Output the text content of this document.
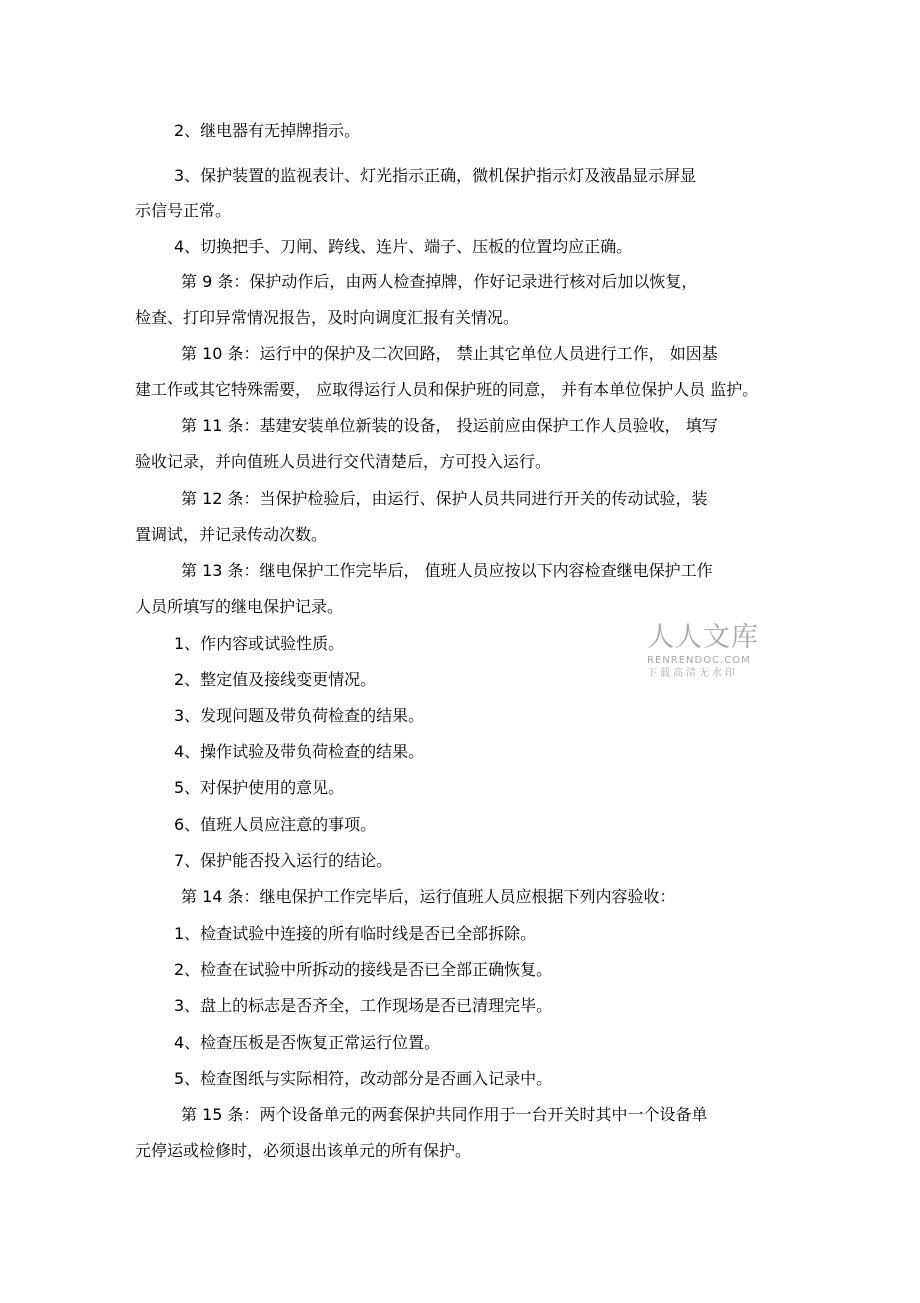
2、继电器有无掉牌指示。
3、保护装置的监视表计、灯光指示正确，微机保护指示灯及液晶显示屏显
示信号正常。
4、切换把手、刀闸、跨线、连片、端子、压板的位置均应正确。
第 9 条：保护动作后，由两人检查掉牌，作好记录进行核对后加以恢复，
检查、打印异常情况报告，及时向调度汇报有关情况。
第 10 条：运行中的保护及二次回路， 禁止其它单位人员进行工作， 如因基
建工作或其它特殊需要， 应取得运行人员和保护班的同意， 并有本单位保护人员 监护。
第 11 条：基建安装单位新装的设备， 投运前应由保护工作人员验收， 填写
验收记录，并向值班人员进行交代清楚后，方可投入运行。
第 12 条：当保护检验后，由运行、保护人员共同进行开关的传动试验，装
置调试，并记录传动次数。
第 13 条：继电保护工作完毕后， 值班人员应按以下内容检查继电保护工作
人员所填写的继电保护记录。
1、作内容或试验性质。
2、整定值及接线变更情况。
3、发现问题及带负荷检查的结果。
4、操作试验及带负荷检查的结果。
5、对保护使用的意见。
6、值班人员应注意的事项。
7、保护能否投入运行的结论。
第 14 条：继电保护工作完毕后，运行值班人员应根据下列内容验收：
1、检查试验中连接的所有临时线是否已全部拆除。
2、检查在试验中所拆动的接线是否已全部正确恢复。
3、盘上的标志是否齐全，工作现场是否已清理完毕。
4、检查压板是否恢复正常运行位置。
5、检查图纸与实际相符，改动部分是否画入记录中。
第 15 条：两个设备单元的两套保护共同作用于一台开关时其中一个设备单
元停运或检修时，必须退出该单元的所有保护。
人人文库
RENRENDOC.COM
下载高清无水印
